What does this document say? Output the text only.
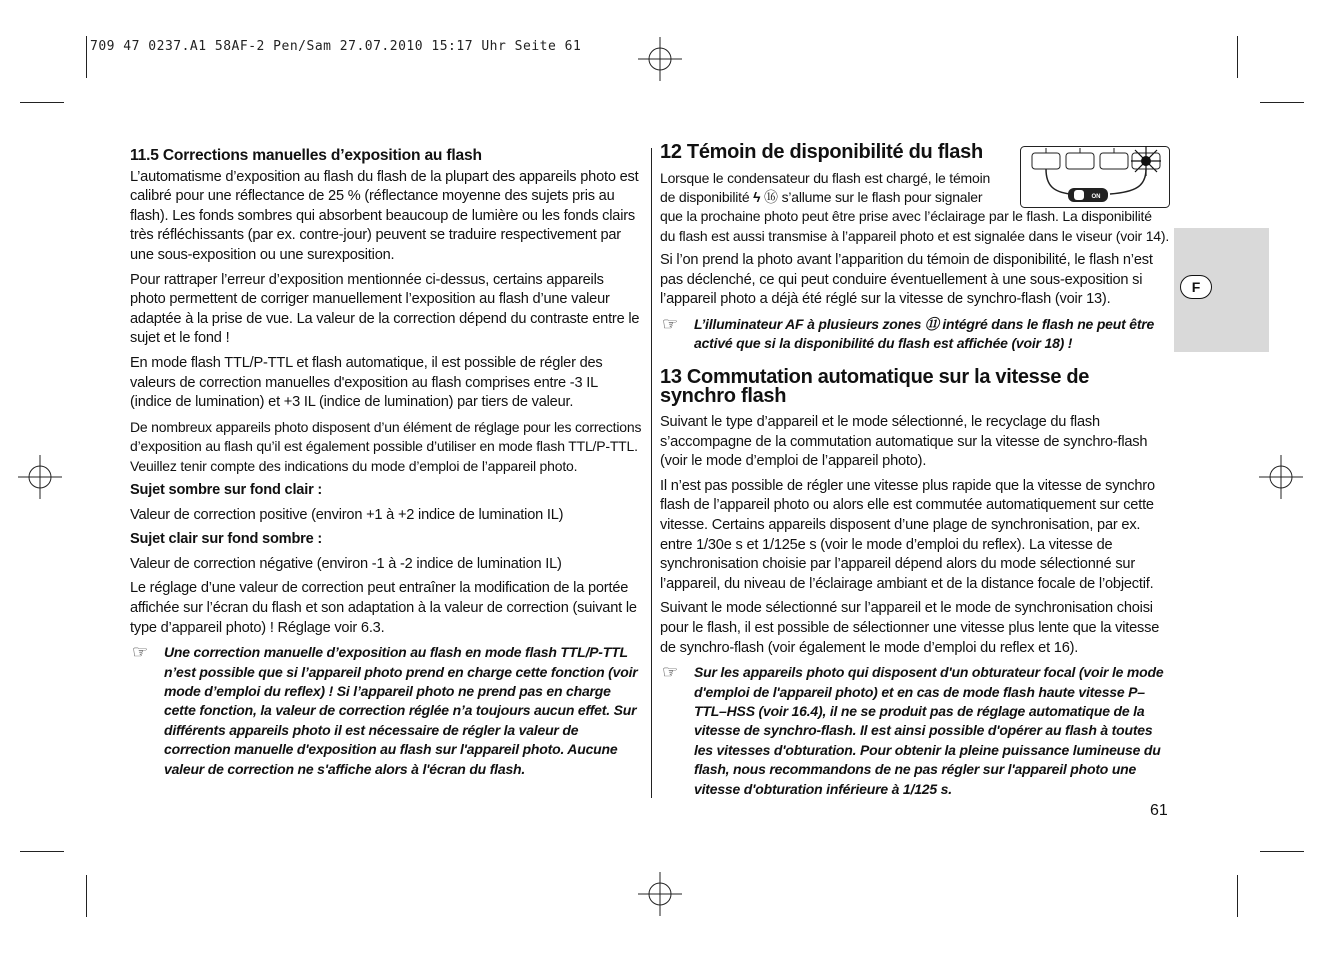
709 47 0237.A1 58AF-2 Pen/Sam 27.07.2010 15:17 Uhr Seite 61
11.5 Corrections manuelles d’exposition au flash

L’automatisme d’exposition au flash du flash de la plupart des appareils photo est calibré pour une réflectance de 25 % (réflectance moyenne des sujets pris au flash). Les fonds sombres qui absorbent beaucoup de lumière ou les fonds clairs très réfléchissants (par ex. contre-jour) peuvent se traduire respectivement par une sous-exposition ou une surexposition.

Pour rattraper l’erreur d’exposition mentionnée ci-dessus, certains appareils photo permettent de corriger manuellement l’exposition au flash d’une valeur adaptée à la prise de vue. La valeur de la correction dépend du contraste entre le sujet et le fond !

En mode flash TTL/P-TTL et flash automatique, il est possible de régler des valeurs de correction manuelles d'exposition au flash comprises entre -3 IL (indice de lumination) et +3 IL (indice de lumination) par tiers de valeur.

De nombreux appareils photo disposent d’un élément de réglage pour les corrections d’exposition au flash qu’il est également possible d’utiliser en mode flash TTL/P-TTL. Veuillez tenir compte des indications du mode d’emploi de l’appareil photo.

Sujet sombre sur fond clair :

Valeur de correction positive (environ +1 à +2 indice de lumination IL)

Sujet clair sur fond sombre :

Valeur de correction négative (environ -1 à -2 indice de lumination IL)

Le réglage d’une valeur de correction peut entraîner la modification de la portée affichée sur l’écran du flash et son adaptation à la valeur de correction (suivant le type d’appareil photo) ! Réglage voir 6.3.

☞ Une correction manuelle d’exposition au flash en mode flash TTL/P-TTL n’est possible que si l’appareil photo prend en charge cette fonction (voir mode d’emploi du reflex) ! Si l’appareil photo ne prend pas en charge cette fonction, la valeur de correction réglée n’a toujours aucun effet. Sur différents appareils photo il est nécessaire de régler la valeur de correction manuelle d'exposition au flash sur l'appareil photo. Aucune valeur de correction ne s'affiche alors à l'écran du flash.
ON
12 Témoin de disponibilité du flash

Lorsque le condensateur du flash est chargé, le témoin de disponibilité ϟ ⑯ s’allume sur le flash pour signaler que la prochaine photo peut être prise avec l’éclairage par le flash. La disponibilité du flash est aussi transmise à l’appareil photo et est signalée dans le viseur (voir 14).

Si l’on prend la photo avant l’apparition du témoin de disponibilité, le flash n’est pas déclenché, ce qui peut conduire éventuellement à une sous-exposition si l’appareil photo a déjà été réglé sur la vitesse de synchro-flash (voir 13).

☞ L’illuminateur AF à plusieurs zones ⑪ intégré dans le flash ne peut être activé que si la disponibilité du flash est affichée (voir 18) !
13 Commutation automatique sur la vitesse de synchro flash

Suivant le type d’appareil et le mode sélectionné, le recyclage du flash s’accompagne de la commutation automatique sur la vitesse de synchro-flash (voir le mode d’emploi de l’appareil photo).

Il n’est pas possible de régler une vitesse plus rapide que la vitesse de synchro flash de l’appareil photo ou alors elle est commutée automatiquement sur cette vitesse. Certains appareils disposent d’une plage de synchronisation, par ex. entre 1/30e s et 1/125e s (voir le mode d’emploi du reflex). La vitesse de synchronisation choisie par l’appareil dépend alors du mode sélectionné sur l’appareil, du niveau de l’éclairage ambiant et de la distance focale de l’objectif.

Suivant le mode sélectionné sur l’appareil et le mode de synchronisation choisi pour le flash, il est possible de sélectionner une vitesse plus lente que la vitesse de synchro-flash (voir également le mode d’emploi du reflex et 16).

☞ Sur les appareils photo qui disposent d'un obturateur focal (voir le mode d'emploi de l'appareil photo) et en cas de mode flash haute vitesse P–TTL–HSS (voir 16.4), il ne se produit pas de réglage automatique de la vitesse de synchro-flash. Il est ainsi possible d'opérer au flash à toutes les vitesses d'obturation. Pour obtenir la pleine puissance lumineuse du flash, nous recommandons de ne pas régler sur l'appareil photo une vitesse d'obturation inférieure à 1/125 s.
F
61
